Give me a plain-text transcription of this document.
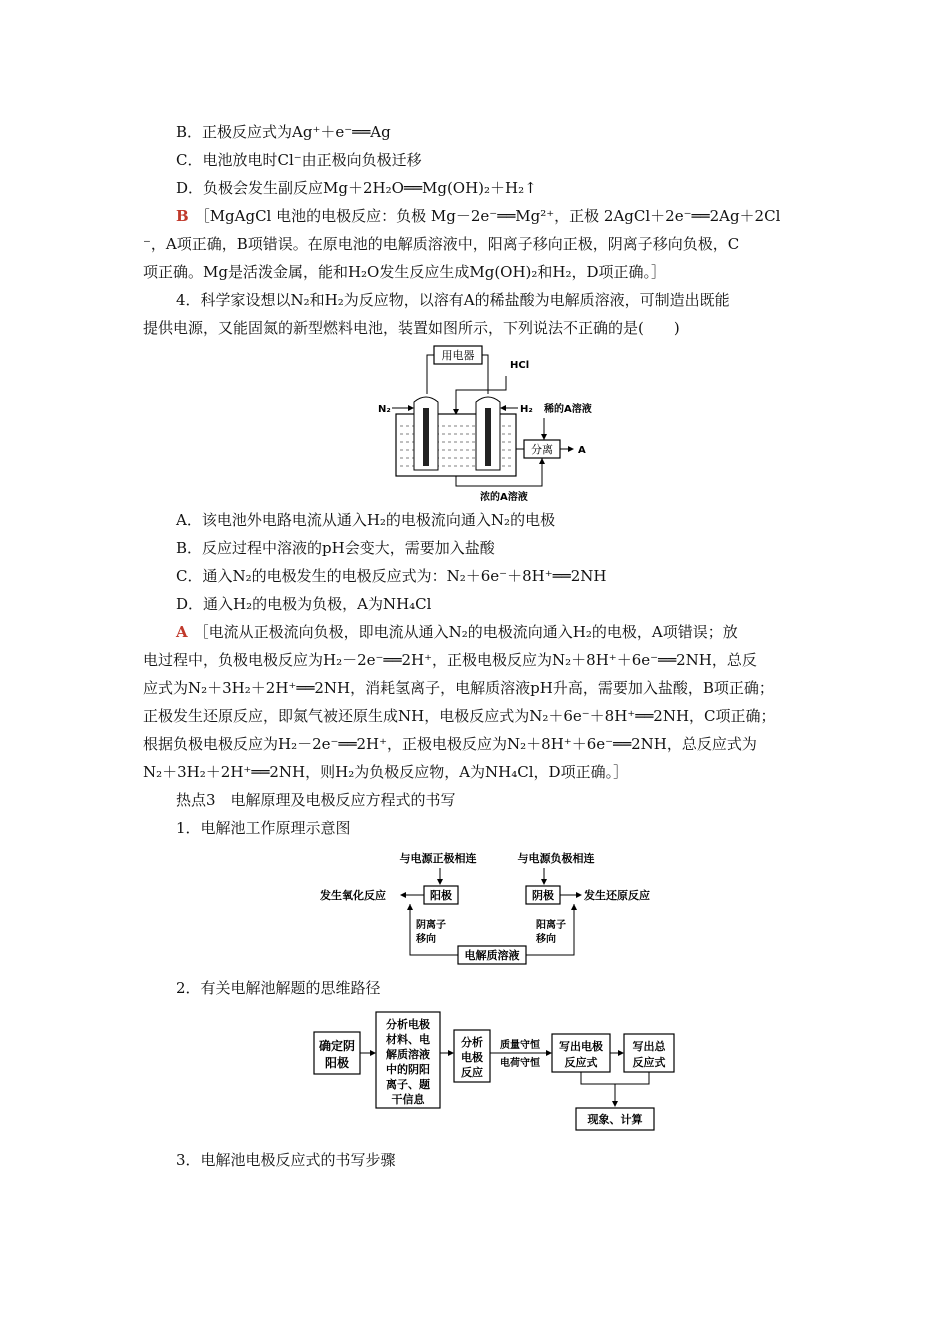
B．正极反应式为Ag⁺＋e⁻══Ag
C．电池放电时Cl⁻由正极向负极迁移
D．负极会发生副反应Mg＋2H₂O══Mg(OH)₂＋H₂↑
B ［MgAgCl 电池的电极反应：负极 Mg－2e⁻══Mg²⁺，正极 2AgCl＋2e⁻══2Ag＋2Cl
⁻，A项正确，B项错误。在原电池的电解质溶液中，阳离子移向正极，阴离子移向负极，C
项正确。Mg是活泼金属，能和H₂O发生反应生成Mg(OH)₂和H₂，D项正确。］
4．科学家设想以N₂和H₂为反应物，以溶有A的稀盐酸为电解质溶液，可制造出既能
提供电源，又能固氮的新型燃料电池，装置如图所示，下列说法不正确的是(　　)
用电器
HCl
N₂	H₂ 稀的A溶液
分离	A
浓的A溶液
A．该电池外电路电流从通入H₂的电极流向通入N₂的电极
B．反应过程中溶液的pH会变大，需要加入盐酸
C．通入N₂的电极发生的电极反应式为：N₂＋6e⁻＋8H⁺══2NH
D．通入H₂的电极为负极，A为NH₄Cl
A ［电流从正极流向负极，即电流从通入N₂的电极流向通入H₂的电极，A项错误；放
电过程中，负极电极反应为H₂－2e⁻══2H⁺，正极电极反应为N₂＋8H⁺＋6e⁻══2NH，总反
应式为N₂＋3H₂＋2H⁺══2NH，消耗氢离子，电解质溶液pH升高，需要加入盐酸，B项正确；
正极发生还原反应，即氮气被还原生成NH，电极反应式为N₂＋6e⁻＋8H⁺══2NH，C项正确；
根据负极电极反应为H₂－2e⁻══2H⁺，正极电极反应为N₂＋8H⁺＋6e⁻══2NH，总反应式为
N₂＋3H₂＋2H⁺══2NH，则H₂为负极反应物，A为NH₄Cl，D项正确。］
热点3　电解原理及电极反应方程式的书写
1．电解池工作原理示意图
与电源正极相连	与电源负极相连
阳极	阴极
发生氧化反应	发生还原反应
阴离子
移向
阳离子
移向
电解质溶液
2．有关电解池解题的思维路径
确定阴
阳极
分析电极
材料、电
解质溶液
中的阴阳
离子、题
干信息
分析
电极
反应
质量守恒
电荷守恒
写出电极
反应式
写出总
反应式
现象、计算
3．电解池电极反应式的书写步骤
